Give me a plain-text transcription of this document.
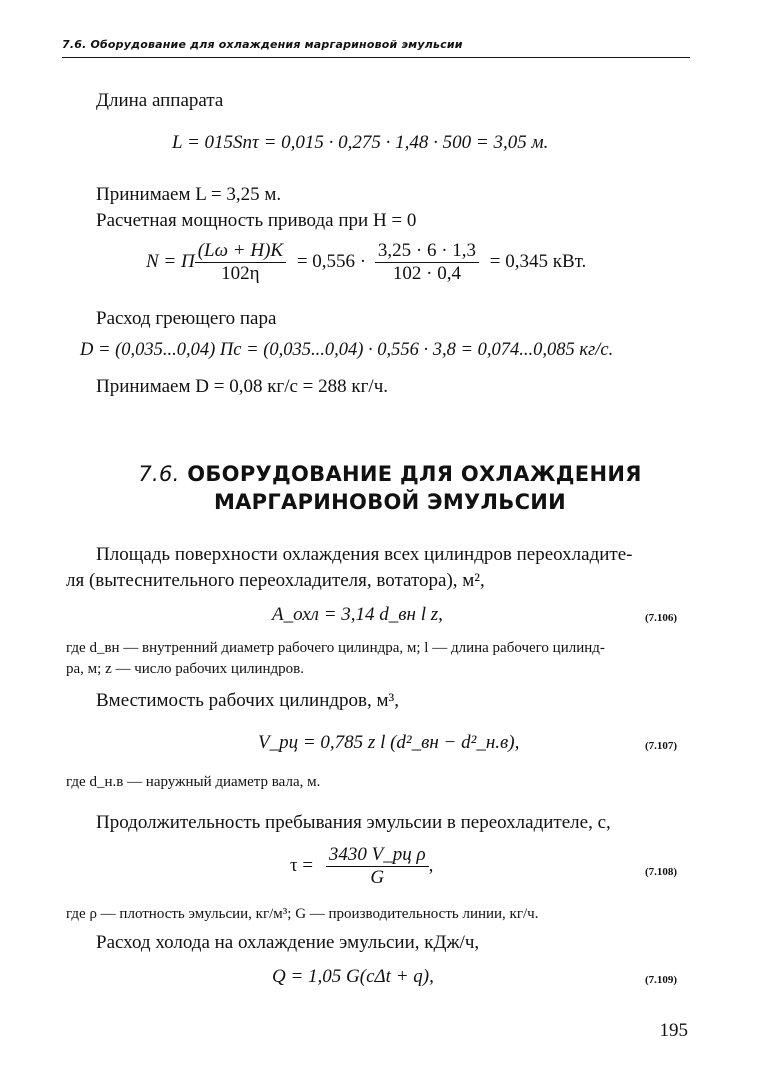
7.6. Оборудование для охлаждения маргариновой эмульсии
Длина аппарата
L = 015Snτ = 0,015 · 0,275 · 1,48 · 500 = 3,05 м.
Принимаем L = 3,25 м.
Расчетная мощность привода при H = 0
N = П $\frac{(L\omega + H)K}{102\eta} = 0,556 \cdot \frac{3,25 \cdot 6 \cdot 1,3}{102 \cdot 0,4} = 0,345$ кВт.
Расход греющего пара
D = (0,035...0,04) Пс = (0,035...0,04) · 0,556 · 3,8 = 0,074...0,085 кг/с.
Принимаем D = 0,08 кг/с = 288 кг/ч.
7.6. ОБОРУДОВАНИЕ ДЛЯ ОХЛАЖДЕНИЯ
МАРГАРИНОВОЙ ЭМУЛЬСИИ
Площадь поверхности охлаждения всех цилиндров переохладите-
ля (вытеснительного переохладителя, вотатора), м²,
A_охл = 3,14 d_вн l z,	(7.106)
где d_вн — внутренний диаметр рабочего цилиндра, м; l — длина рабочего цилинд-
ра, м; z — число рабочих цилиндров.
Вместимость рабочих цилиндров, м³,
V_рц = 0,785 z l (d²_вн − d²_н.в),	(7.107)
где d_н.в — наружный диаметр вала, м.
Продолжительность пребывания эмульсии в переохладителе, с,
$\tau = \frac{\text{3430 V\_рц ρ}}{G}$ ,	(7.108)
где ρ — плотность эмульсии, кг/м³; G — производительность линии, кг/ч.
Расход холода на охлаждение эмульсии, кДж/ч,
Q = 1,05 G(cΔt + q),	(7.109)
195
